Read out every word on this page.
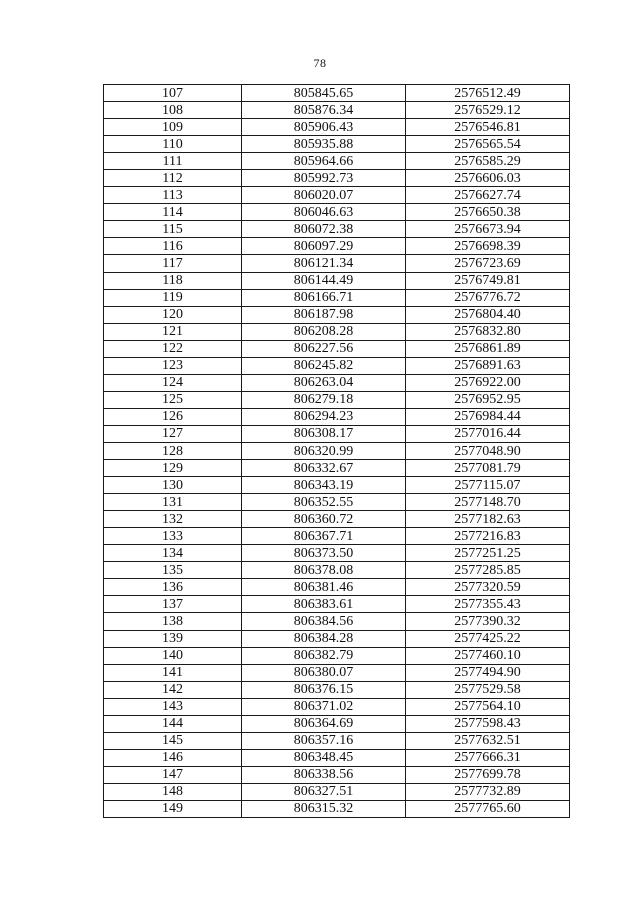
78
107	805845.65	2576512.49
108	805876.34	2576529.12
109	805906.43	2576546.81
110	805935.88	2576565.54
111	805964.66	2576585.29
112	805992.73	2576606.03
113	806020.07	2576627.74
114	806046.63	2576650.38
115	806072.38	2576673.94
116	806097.29	2576698.39
117	806121.34	2576723.69
118	806144.49	2576749.81
119	806166.71	2576776.72
120	806187.98	2576804.40
121	806208.28	2576832.80
122	806227.56	2576861.89
123	806245.82	2576891.63
124	806263.04	2576922.00
125	806279.18	2576952.95
126	806294.23	2576984.44
127	806308.17	2577016.44
128	806320.99	2577048.90
129	806332.67	2577081.79
130	806343.19	2577115.07
131	806352.55	2577148.70
132	806360.72	2577182.63
133	806367.71	2577216.83
134	806373.50	2577251.25
135	806378.08	2577285.85
136	806381.46	2577320.59
137	806383.61	2577355.43
138	806384.56	2577390.32
139	806384.28	2577425.22
140	806382.79	2577460.10
141	806380.07	2577494.90
142	806376.15	2577529.58
143	806371.02	2577564.10
144	806364.69	2577598.43
145	806357.16	2577632.51
146	806348.45	2577666.31
147	806338.56	2577699.78
148	806327.51	2577732.89
149	806315.32	2577765.60
